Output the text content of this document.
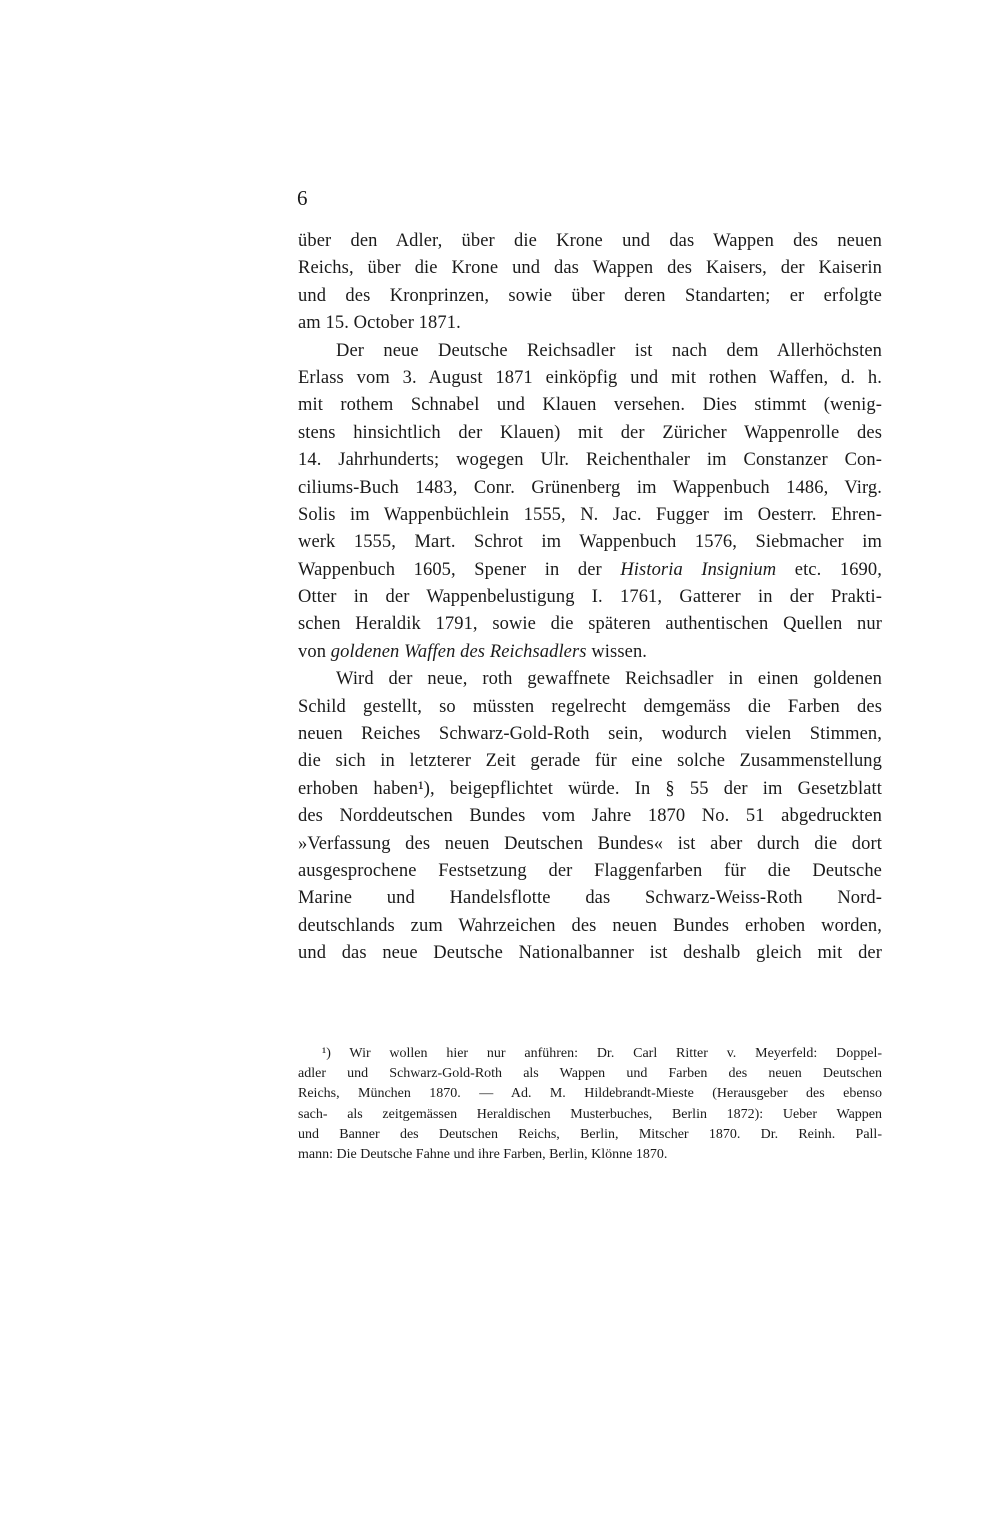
6
über den Adler, über die Krone und das Wappen des neuen
Reichs, über die Krone und das Wappen des Kaisers, der Kaiserin
und des Kronprinzen, sowie über deren Standarten; er erfolgte
am 15. October 1871.
Der neue Deutsche Reichsadler ist nach dem Allerhöchsten
Erlass vom 3. August 1871 einköpfig und mit rothen Waffen, d. h.
mit rothem Schnabel und Klauen versehen. Dies stimmt (wenig-
stens hinsichtlich der Klauen) mit der Züricher Wappenrolle des
14. Jahrhunderts; wogegen Ulr. Reichenthaler im Constanzer Con-
ciliums-Buch 1483, Conr. Grünenberg im Wappenbuch 1486, Virg.
Solis im Wappenbüchlein 1555, N. Jac. Fugger im Oesterr. Ehren-
werk 1555, Mart. Schrot im Wappenbuch 1576, Siebmacher im
Wappenbuch 1605, Spener in der Historia Insignium etc. 1690,
Otter in der Wappenbelustigung I. 1761, Gatterer in der Prakti-
schen Heraldik 1791, sowie die späteren authentischen Quellen nur
von goldenen Waffen des Reichsadlers wissen.
Wird der neue, roth gewaffnete Reichsadler in einen goldenen
Schild gestellt, so müssten regelrecht demgemäss die Farben des
neuen Reiches Schwarz-Gold-Roth sein, wodurch vielen Stimmen,
die sich in letzterer Zeit gerade für eine solche Zusammenstellung
erhoben haben¹), beigepflichtet würde. In § 55 der im Gesetzblatt
des Norddeutschen Bundes vom Jahre 1870 No. 51 abgedruckten
»Verfassung des neuen Deutschen Bundes« ist aber durch die dort
ausgesprochene Festsetzung der Flaggenfarben für die Deutsche
Marine und Handelsflotte das Schwarz-Weiss-Roth Nord-
deutschlands zum Wahrzeichen des neuen Bundes erhoben worden,
und das neue Deutsche Nationalbanner ist deshalb gleich mit der
¹) Wir wollen hier nur anführen: Dr. Carl Ritter v. Meyerfeld: Doppel-
adler und Schwarz-Gold-Roth als Wappen und Farben des neuen Deutschen
Reichs, München 1870. — Ad. M. Hildebrandt-Mieste (Herausgeber des ebenso
sach- als zeitgemässen Heraldischen Musterbuches, Berlin 1872): Ueber Wappen
und Banner des Deutschen Reichs, Berlin, Mitscher 1870. Dr. Reinh. Pall-
mann: Die Deutsche Fahne und ihre Farben, Berlin, Klönne 1870.
